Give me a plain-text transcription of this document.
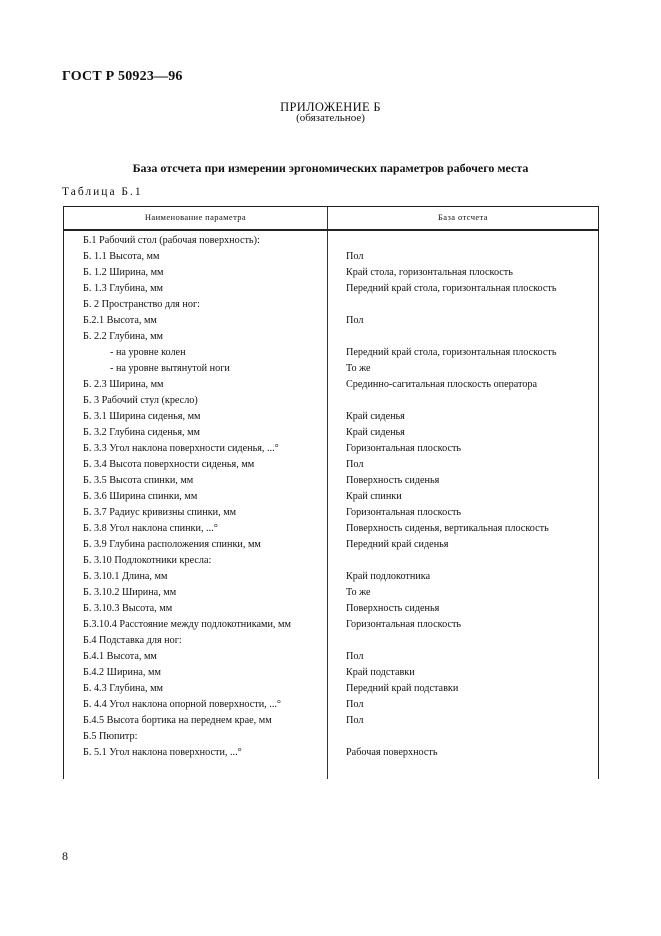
ГОСТ Р 50923—96
ПРИЛОЖЕНИЕ Б
(обязательное)
База отсчета при измерении эргономических параметров рабочего места
Таблица Б.1
Наименование параметра	База отсчета
Б.1 Рабочий стол (рабочая поверхность):
Б. 1.1 Высота, мм	Пол
Б. 1.2 Ширина, мм	Край стола, горизонтальная плоскость
Б. 1.3 Глубина, мм	Передний край стола, горизонтальная плоскость
Б. 2 Пространство для ног:
Б.2.1 Высота, мм	Пол
Б. 2.2 Глубина, мм
- на уровне колен	Передний край стола, горизонтальная плоскость
- на уровне вытянутой ноги	То же
Б. 2.3 Ширина, мм	Срединно-сагитальная плоскость оператора
Б. 3 Рабочий стул (кресло)
Б. 3.1 Ширина сиденья, мм	Край сиденья
Б. 3.2 Глубина сиденья, мм	Край сиденья
Б. 3.3 Угол наклона поверхности сиденья, ...°	Горизонтальная плоскость
Б. 3.4 Высота поверхности сиденья, мм	Пол
Б. 3.5 Высота спинки, мм	Поверхность сиденья
Б. 3.6 Ширина спинки, мм	Край спинки
Б. 3.7 Радиус кривизны спинки, мм	Горизонтальная плоскость
Б. 3.8 Угол наклона спинки, ...°	Поверхность сиденья, вертикальная плоскость
Б. 3.9 Глубина расположения спинки, мм	Передний край сиденья
Б. 3.10 Подлокотники кресла:
Б. 3.10.1 Длина, мм	Край подлокотника
Б. 3.10.2 Ширина, мм	То же
Б. 3.10.3 Высота, мм	Поверхность сиденья
Б.3.10.4 Расстояние между подлокотниками, мм	Горизонтальная плоскость
Б.4 Подставка для ног:
Б.4.1 Высота, мм	Пол
Б.4.2 Ширина, мм	Край подставки
Б. 4.3 Глубина, мм	Передний край подставки
Б. 4.4 Угол наклона опорной поверхности, ...°	Пол
Б.4.5 Высота бортика на переднем крае, мм	Пол
Б.5 Пюпитр:
Б. 5.1 Угол наклона поверхности, ...°	Рабочая поверхность
8
